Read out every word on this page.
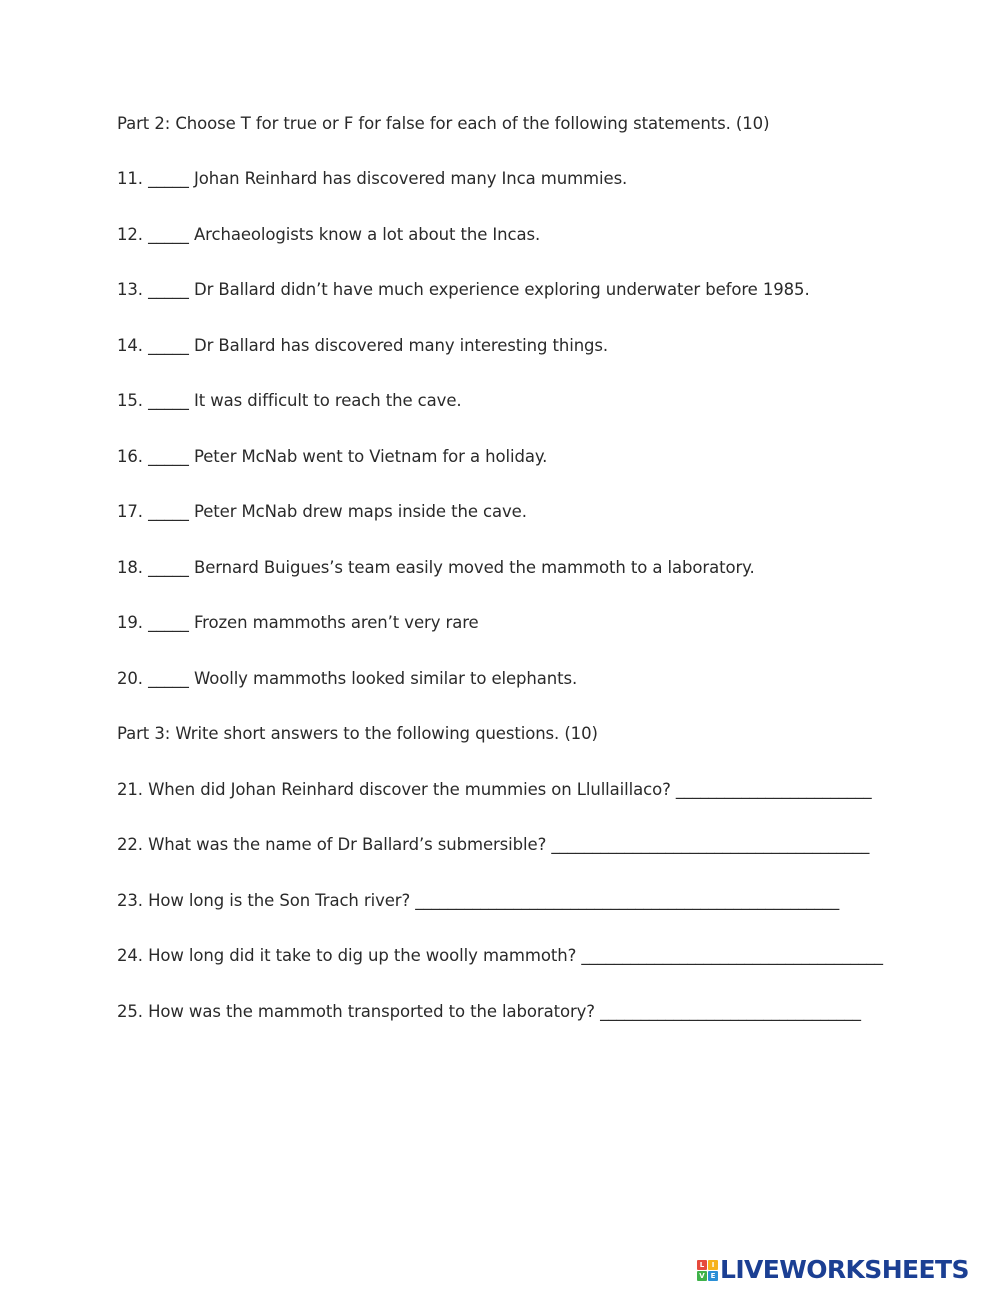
Part 2: Choose T for true or F for false for each of the following statements. (10)
11. _____ Johan Reinhard has discovered many Inca mummies.
12. _____ Archaeologists know a lot about the Incas.
13. _____ Dr Ballard didn’t have much experience exploring underwater before 1985.
14. _____ Dr Ballard has discovered many interesting things.
15. _____ It was difficult to reach the cave.
16. _____ Peter McNab went to Vietnam for a holiday.
17. _____ Peter McNab drew maps inside the cave.
18. _____ Bernard Buigues’s team easily moved the mammoth to a laboratory.
19. _____ Frozen mammoths aren’t very rare
20. _____ Woolly mammoths looked similar to elephants.
Part 3: Write short answers to the following questions. (10)
21. When did Johan Reinhard discover the mummies on Llullaillaco? ________________________
22. What was the name of Dr Ballard’s submersible? _______________________________________
23. How long is the Son Trach river? ____________________________________________________
24. How long did it take to dig up the woolly mammoth? _____________________________________
25. How was the mammoth transported to the laboratory? ________________________________
L	I
V E LIVEWORKSHEETS
